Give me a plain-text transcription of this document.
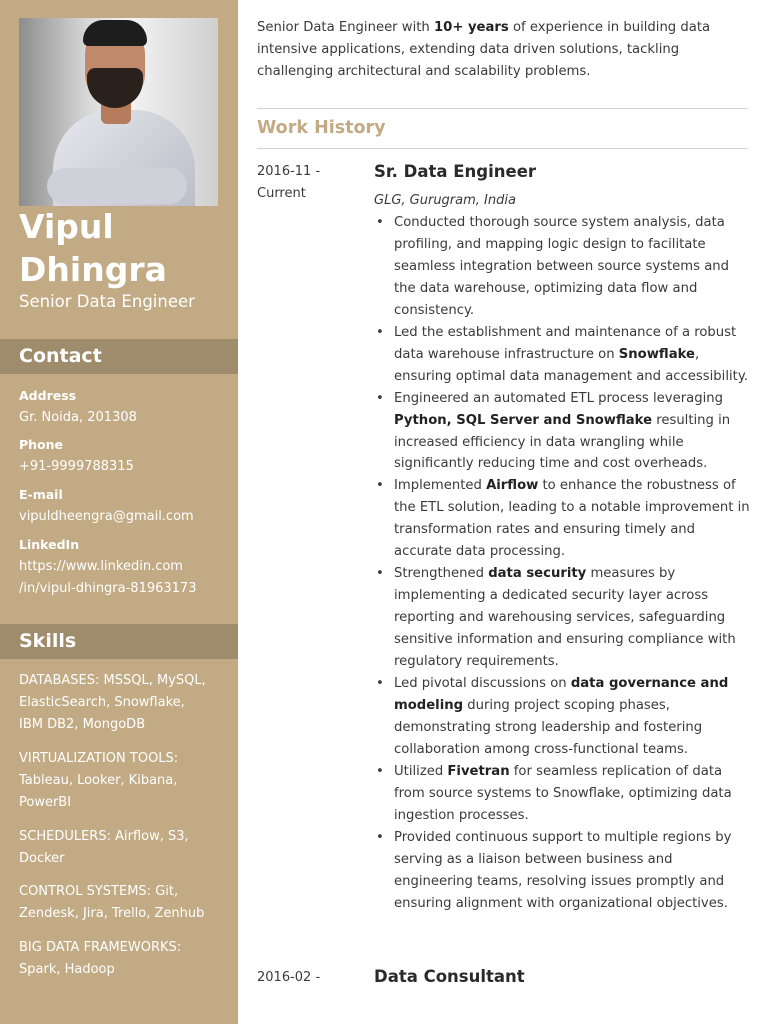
Vipul
Dhingra
Senior Data Engineer
Contact
Address
Gr. Noida, 201308
Phone
+91-9999788315
E-mail
vipuldheengra@gmail.com
LinkedIn
https://www.linkedin.com
/in/vipul-dhingra-81963173
Skills
DATABASES: MSSQL, MySQL,
ElasticSearch, Snowflake,
IBM DB2, MongoDB
VIRTUALIZATION TOOLS:
Tableau, Looker, Kibana,
PowerBI
SCHEDULERS: Airflow, S3,
Docker
CONTROL SYSTEMS: Git,
Zendesk, Jira, Trello, Zenhub
BIG DATA FRAMEWORKS:
Spark, Hadoop
Senior Data Engineer with 10+ years of experience in building data intensive applications, extending data driven solutions, tackling challenging architectural and scalability problems.
Work History
2016-11 -
Current
Sr. Data Engineer
GLG, Gurugram, India
• Conducted thorough source system analysis, data profiling, and mapping logic design to facilitate seamless integration between source systems and the data warehouse, optimizing data flow and consistency.
• Led the establishment and maintenance of a robust data warehouse infrastructure on Snowflake, ensuring optimal data management and accessibility.
• Engineered an automated ETL process leveraging Python, SQL Server and Snowflake resulting in increased efficiency in data wrangling while significantly reducing time and cost overheads.
• Implemented Airflow to enhance the robustness of the ETL solution, leading to a notable improvement in transformation rates and ensuring timely and accurate data processing.
• Strengthened data security measures by implementing a dedicated security layer across reporting and warehousing services, safeguarding sensitive information and ensuring compliance with regulatory requirements.
• Led pivotal discussions on data governance and modeling during project scoping phases, demonstrating strong leadership and fostering collaboration among cross-functional teams.
• Utilized Fivetran for seamless replication of data from source systems to Snowflake, optimizing data ingestion processes.
• Provided continuous support to multiple regions by serving as a liaison between business and engineering teams, resolving issues promptly and ensuring alignment with organizational objectives.
2016-02 -	Data Consultant
